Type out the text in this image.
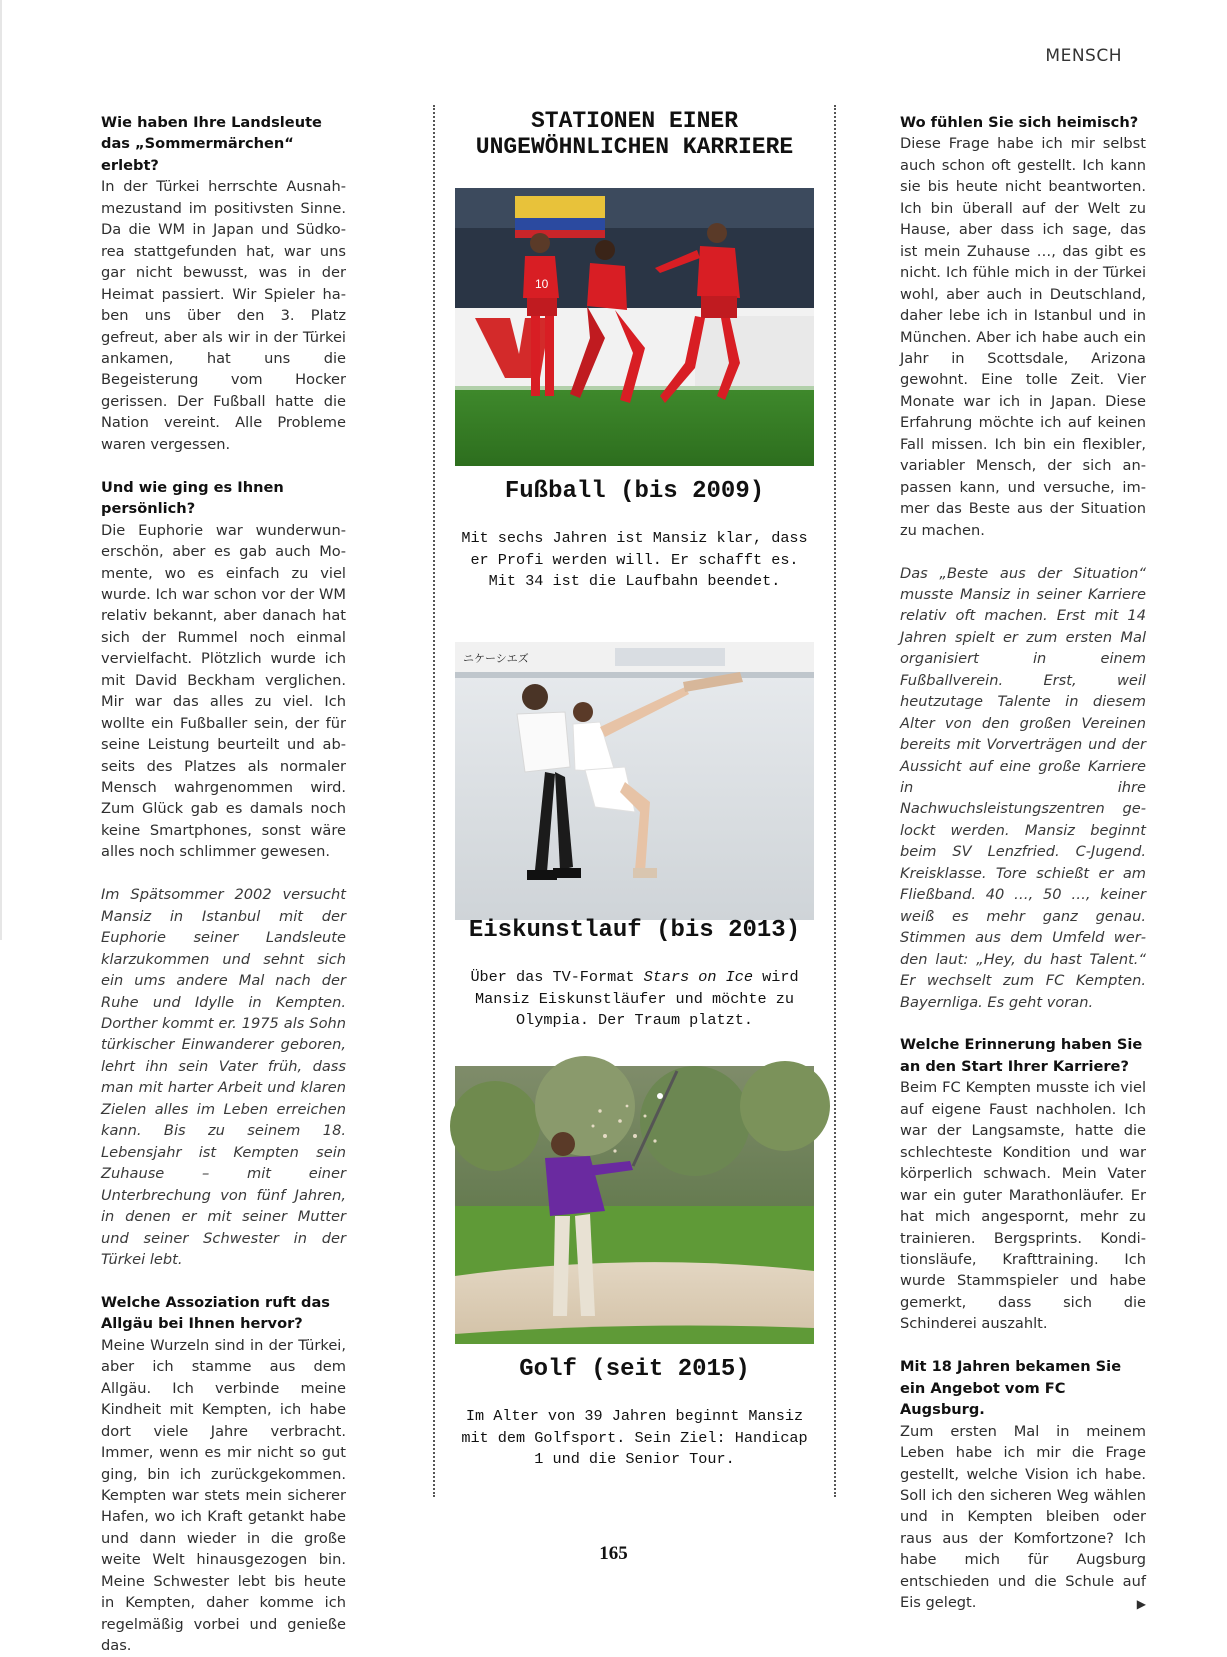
MENSCH
Wie haben Ihre Landsleute das „Sommermärchen“ erlebt?

In der Türkei herrschte Ausnahmezustand im positivsten Sinne. Da die WM in Japan und Südkorea stattgefunden hat, war uns gar nicht bewusst, was in der Heimat passiert. Wir Spieler haben uns über den 3. Platz gefreut, aber als wir in der Türkei ankamen, hat uns die Begeisterung vom Hocker gerissen. Der Fußball hatte die Nation vereint. Alle Probleme waren vergessen.

Und wie ging es Ihnen persönlich?

Die Euphorie war wunderwunerschön, aber es gab auch Momente, wo es einfach zu viel wurde. Ich war schon vor der WM relativ bekannt, aber danach hat sich der Rummel noch einmal vervielfacht. Plötzlich wurde ich mit David Beckham verglichen. Mir war das alles zu viel. Ich wollte ein Fußballer sein, der für seine Leistung beurteilt und abseits des Platzes als normaler Mensch wahrgenommen wird. Zum Glück gab es damals noch keine Smartphones, sonst wäre alles noch schlimmer gewesen.

Im Spätsommer 2002 versucht Mansiz in Istanbul mit der Euphorie seiner Landsleute klarzukommen und sehnt sich ein ums andere Mal nach der Ruhe und Idylle in Kempten. Dorther kommt er. 1975 als Sohn türkischer Einwanderer geboren, lehrt ihn sein Vater früh, dass man mit harter Arbeit und klaren Zielen alles im Leben erreichen kann. Bis zu seinem 18. Lebensjahr ist Kempten sein Zuhause – mit einer Unterbrechung von fünf Jahren, in denen er mit seiner Mutter und seiner Schwester in der Türkei lebt.

Welche Assoziation ruft das Allgäu bei Ihnen hervor?

Meine Wurzeln sind in der Türkei, aber ich stamme aus dem Allgäu. Ich verbinde meine Kindheit mit Kempten, ich habe dort viele Jahre verbracht. Immer, wenn es mir nicht so gut ging, bin ich zurückgekommen. Kempten war stets mein sicherer Hafen, wo ich Kraft getankt habe und dann wieder in die große weite Welt hinausgezogen bin. Meine Schwester lebt bis heute in Kempten, daher komme ich regelmäßig vorbei und genieße das.

STATIONEN EINER UNGEWÖHNLICHEN KARRIERE
10
Fußball (bis 2009)
Mit sechs Jahren ist Mansiz klar, dass er Profi werden will. Er schafft es. Mit 34 ist die Laufbahn beendet.
ニケーシエズ
Eiskunstlauf (bis 2013)
Über das TV-Format Stars on Ice wird Mansiz Eiskunstläufer und möchte zu Olympia. Der Traum platzt.
Golf (seit 2015)
Im Alter von 39 Jahren beginnt Mansiz mit dem Golfsport. Sein Ziel: Handicap 1 und die Senior Tour.
Wo fühlen Sie sich heimisch?

Diese Frage habe ich mir selbst auch schon oft gestellt. Ich kann sie bis heute nicht beantworten. Ich bin überall auf der Welt zu Hause, aber dass ich sage, das ist mein Zuhause …, das gibt es nicht. Ich fühle mich in der Türkei wohl, aber auch in Deutschland, daher lebe ich in Istanbul und in München. Aber ich habe auch ein Jahr in Scottsdale, Arizona gewohnt. Eine tolle Zeit. Vier Monate war ich in Japan. Diese Erfahrung möchte ich auf keinen Fall missen. Ich bin ein flexibler, variabler Mensch, der sich anpassen kann, und versuche, immer das Beste aus der Situation zu machen.

Das „Beste aus der Situation“ musste Mansiz in seiner Karriere relativ oft machen. Erst mit 14 Jahren spielt er zum ersten Mal organisiert in einem Fußballverein. Erst, weil heutzutage Talente in diesem Alter von den großen Vereinen bereits mit Vorverträgen und der Aussicht auf eine große Karriere in ihre Nachwuchsleistungszentren gelockt werden. Mansiz beginnt beim SV Lenzfried. C-Jugend. Kreisklasse. Tore schießt er am Fließband. 40 …, 50 …, keiner weiß es mehr ganz genau. Stimmen aus dem Umfeld werden laut: „Hey, du hast Talent.“ Er wechselt zum FC Kempten. Bayernliga. Es geht voran.

Welche Erinnerung haben Sie an den Start Ihrer Karriere?

Beim FC Kempten musste ich viel auf eigene Faust nachholen. Ich war der Langsamste, hatte die schlechteste Kondition und war körperlich schwach. Mein Vater war ein guter Marathonläufer. Er hat mich angespornt, mehr zu trainieren. Bergsprints. Konditionsläufe, Krafttraining. Ich wurde Stammspieler und habe gemerkt, dass sich die Schinderei auszahlt.

Mit 18 Jahren bekamen Sie ein Angebot vom FC Augsburg.

Zum ersten Mal in meinem Leben habe ich mir die Frage gestellt, welche Vision ich habe. Soll ich den sicheren Weg wählen und in Kempten bleiben oder raus aus der Komfortzone? Ich habe mich für Augsburg entschieden und die Schule auf Eis gelegt.	▶

165
